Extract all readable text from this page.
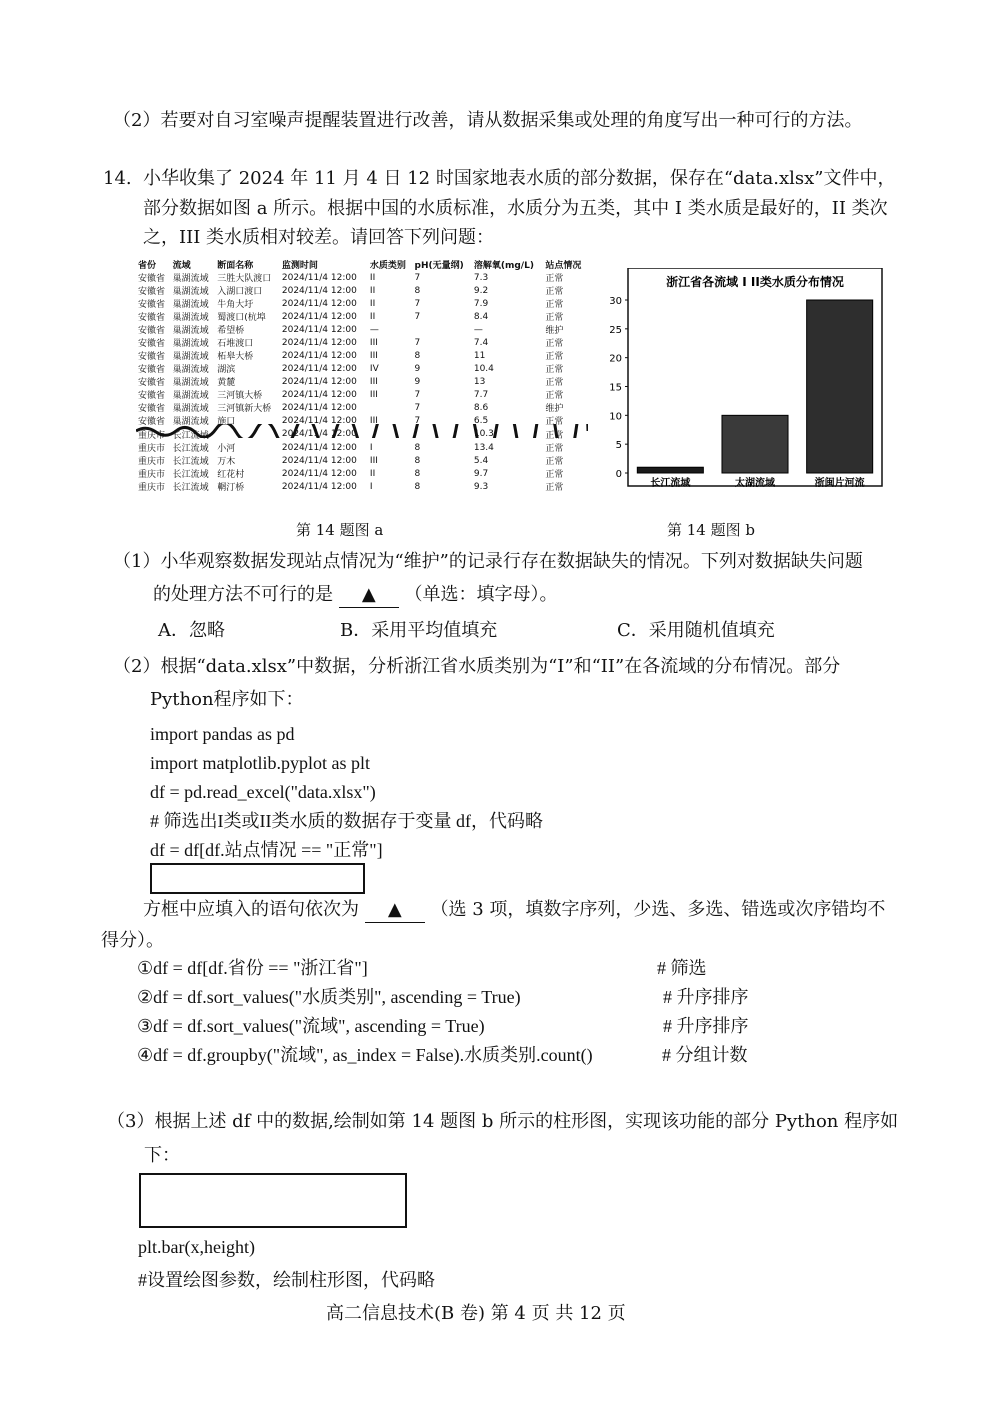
（2）若要对自习室噪声提醒装置进行改善，请从数据采集或处理的角度写出一种可行的方法。
14. 小华收集了 2024 年 11 月 4 日 12 时国家地表水质的部分数据，保存在“data.xlsx”文件中，
部分数据如图 a 所示。根据中国的水质标准，水质分为五类，其中 I 类水质是最好的，II 类次
之，III 类水质相对较差。请回答下列问题：
省份	流域	断面名称	监测时间	水质类别	pH(无量纲)	溶解氧(mg/L)	站点情况
安徽省	巢湖流域	三胜大队渡口	2024/11/4 12:00	II	7	7.3	正常
安徽省	巢湖流域	入湖口渡口	2024/11/4 12:00	II	8	9.2	正常
安徽省	巢湖流域	牛角大圩	2024/11/4 12:00	II	7	7.9	正常
安徽省	巢湖流域	蜀渡口(杭埠	2024/11/4 12:00	II	7	8.4	正常
安徽省	巢湖流域	希望桥	2024/11/4 12:00	—		—	维护
安徽省	巢湖流域	石堆渡口	2024/11/4 12:00	III	7	7.4	正常
安徽省	巢湖流域	柘皋大桥	2024/11/4 12:00	III	8	11	正常
安徽省	巢湖流域	湖滨	2024/11/4 12:00	IV	9	10.4	正常
安徽省	巢湖流域	黄麓	2024/11/4 12:00	III	9	13	正常
安徽省	巢湖流域	三河镇大桥	2024/11/4 12:00	III	7	7.7	正常
安徽省	巢湖流域	三河镇新大桥	2024/11/4 12:00		7	8.6	维护
安徽省	巢湖流域	施口	2024/11/4 12:00	III	7	6.5	正常
重庆市	长江流域		2024/11/4 12:00			10.3	正常
重庆市	长江流域	小河	2024/11/4 12:00	I	8	13.4	正常
重庆市	长江流域	万木	2024/11/4 12:00	III	8	5.4	正常
重庆市	长江流域	红花村	2024/11/4 12:00	II	8	9.7	正常
重庆市	长江流域	輞汀桥	2024/11/4 12:00	I	8	9.3	正常
浙江省各流域 I II类水质分布情况
0
5
10
15
20
25
30
长江流域	太湖流域	浙闽片河流
第 14 题图 a	第 14 题图 b
（1）小华观察数据发现站点情况为“维护”的记录行存在数据缺失的情况。下列对数据缺失问题
的处理方法不可行的是 ▲ （单选：填字母）。
A．忽略	B．采用平均值填充	C．采用随机值填充
（2）根据“data.xlsx”中数据，分析浙江省水质类别为“I”和“II”在各流域的分布情况。部分
Python程序如下：
import pandas as pd
import matplotlib.pyplot as plt
df = pd.read_excel("data.xlsx")
# 筛选出I类或II类水质的数据存于变量 df，代码略
df = df[df.站点情况 == "正常"]
方框中应填入的语句依次为 ▲ （选 3 项，填数字序列，少选、多选、错选或次序错均不
得分）。
①df = df[df.省份 == "浙江省"]	# 筛选
②df = df.sort_values("水质类别", ascending = True)	# 升序排序
③df = df.sort_values("流域", ascending = True)	# 升序排序
④df = df.groupby("流域", as_index = False).水质类别.count()	# 分组计数
（3）根据上述 df 中的数据,绘制如第 14 题图 b 所示的柱形图，实现该功能的部分 Python 程序如
下：
plt.bar(x,height)
#设置绘图参数，绘制柱形图，代码略
高二信息技术(B 卷) 第 4 页 共 12 页
